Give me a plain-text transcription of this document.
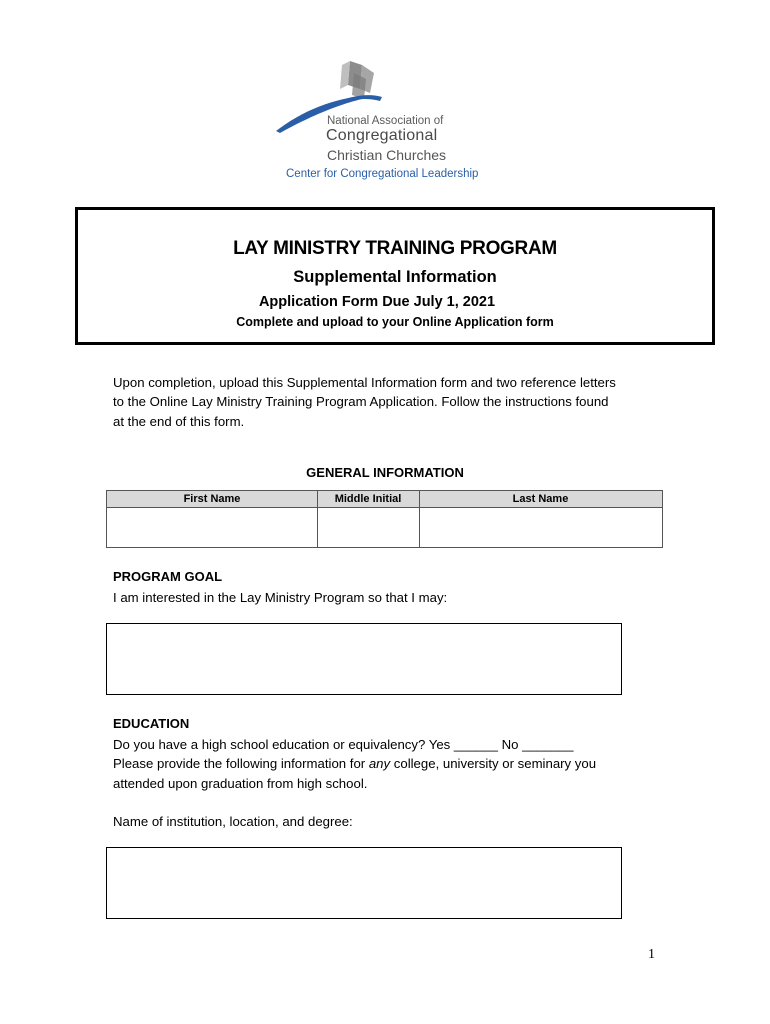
National Association of
Congregational
Christian Churches
Center for Congregational Leadership
LAY MINISTRY TRAINING PROGRAM
Supplemental Information
Application Form Due July 1, 2021
Complete and upload to your Online Application form
Upon completion, upload this Supplemental Information form and two reference letters
to the Online Lay Ministry Training Program Application. Follow the instructions found
at the end of this form.
GENERAL INFORMATION
First Name	Middle Initial	Last Name
PROGRAM GOAL
I am interested in the Lay Ministry Program so that I may:
EDUCATION
Do you have a high school education or equivalency? Yes ______ No _______
Please provide the following information for any college, university or seminary you
attended upon graduation from high school.
Name of institution, location, and degree:
1
